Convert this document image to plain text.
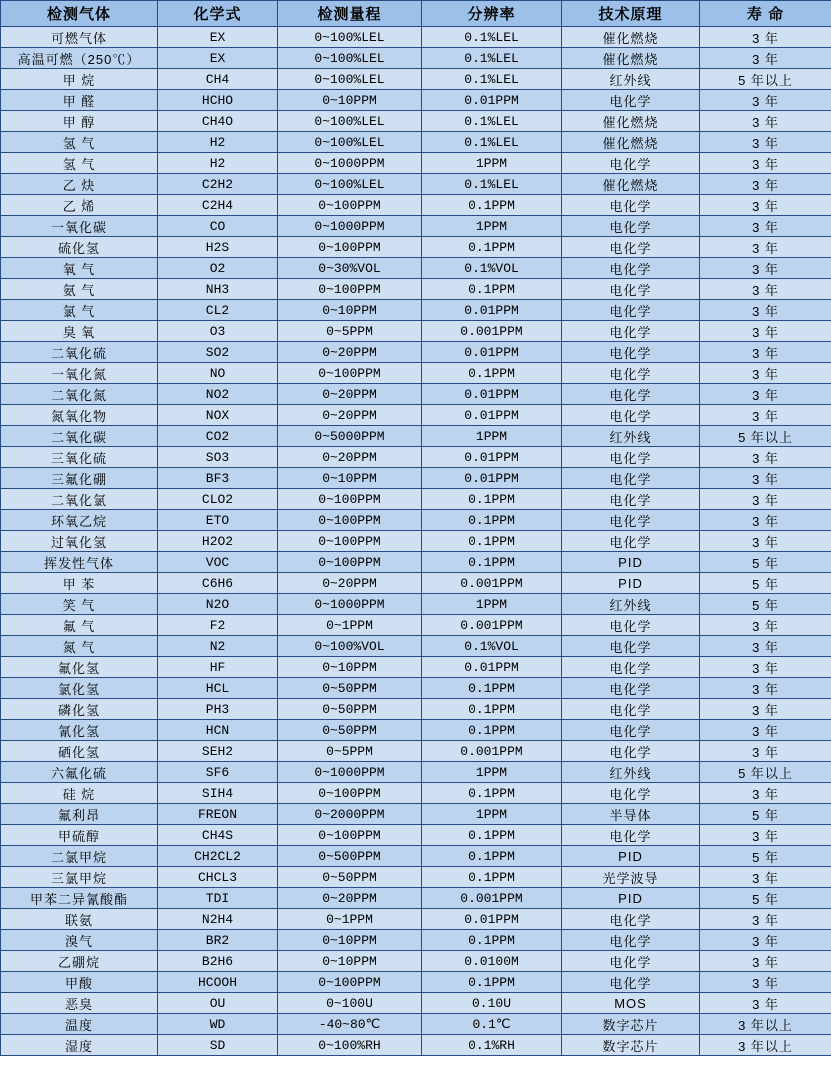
检测气体	化学式	检测量程	分辨率	技术原理	寿 命
可燃气体	EX	0~100%LEL	0.1%LEL	催化燃烧	3 年
高温可燃（250℃）	EX	0~100%LEL	0.1%LEL	催化燃烧	3 年
甲 烷	CH4	0~100%LEL	0.1%LEL	红外线	5 年以上
甲 醛	HCHO	0~10PPM	0.01PPM	电化学	3 年
甲 醇	CH4O	0~100%LEL	0.1%LEL	催化燃烧	3 年
氢 气	H2	0~100%LEL	0.1%LEL	催化燃烧	3 年
氢 气	H2	0~1000PPM	1PPM	电化学	3 年
乙 炔	C2H2	0~100%LEL	0.1%LEL	催化燃烧	3 年
乙 烯	C2H4	0~100PPM	0.1PPM	电化学	3 年
一氧化碳	CO	0~1000PPM	1PPM	电化学	3 年
硫化氢	H2S	0~100PPM	0.1PPM	电化学	3 年
氧 气	O2	0~30%VOL	0.1%VOL	电化学	3 年
氨 气	NH3	0~100PPM	0.1PPM	电化学	3 年
氯 气	CL2	0~10PPM	0.01PPM	电化学	3 年
臭 氧	O3	0~5PPM	0.001PPM	电化学	3 年
二氧化硫	SO2	0~20PPM	0.01PPM	电化学	3 年
一氧化氮	NO	0~100PPM	0.1PPM	电化学	3 年
二氧化氮	NO2	0~20PPM	0.01PPM	电化学	3 年
氮氧化物	NOX	0~20PPM	0.01PPM	电化学	3 年
二氧化碳	CO2	0~5000PPM	1PPM	红外线	5 年以上
三氧化硫	SO3	0~20PPM	0.01PPM	电化学	3 年
三氟化硼	BF3	0~10PPM	0.01PPM	电化学	3 年
二氧化氯	CLO2	0~100PPM	0.1PPM	电化学	3 年
环氧乙烷	ETO	0~100PPM	0.1PPM	电化学	3 年
过氧化氢	H2O2	0~100PPM	0.1PPM	电化学	3 年
挥发性气体	VOC	0~100PPM	0.1PPM	PID	5 年
甲 苯	C6H6	0~20PPM	0.001PPM	PID	5 年
笑 气	N2O	0~1000PPM	1PPM	红外线	5 年
氟 气	F2	0~1PPM	0.001PPM	电化学	3 年
氮 气	N2	0~100%VOL	0.1%VOL	电化学	3 年
氟化氢	HF	0~10PPM	0.01PPM	电化学	3 年
氯化氢	HCL	0~50PPM	0.1PPM	电化学	3 年
磷化氢	PH3	0~50PPM	0.1PPM	电化学	3 年
氰化氢	HCN	0~50PPM	0.1PPM	电化学	3 年
硒化氢	SEH2	0~5PPM	0.001PPM	电化学	3 年
六氟化硫	SF6	0~1000PPM	1PPM	红外线	5 年以上
硅 烷	SIH4	0~100PPM	0.1PPM	电化学	3 年
氟利昂	FREON	0~2000PPM	1PPM	半导体	5 年
甲硫醇	CH4S	0~100PPM	0.1PPM	电化学	3 年
二氯甲烷	CH2CL2	0~500PPM	0.1PPM	PID	5 年
三氯甲烷	CHCL3	0~50PPM	0.1PPM	光学波导	3 年
甲苯二异氰酸酯	TDI	0~20PPM	0.001PPM	PID	5 年
联氨	N2H4	0~1PPM	0.01PPM	电化学	3 年
溴气	BR2	0~10PPM	0.1PPM	电化学	3 年
乙硼烷	B2H6	0~10PPM	0.0100M	电化学	3 年
甲酸	HCOOH	0~100PPM	0.1PPM	电化学	3 年
恶臭	OU	0~100U	0.10U	MOS	3 年
温度	WD	-40~80℃	0.1℃	数字芯片	3 年以上
湿度	SD	0~100%RH	0.1%RH	数字芯片	3 年以上
